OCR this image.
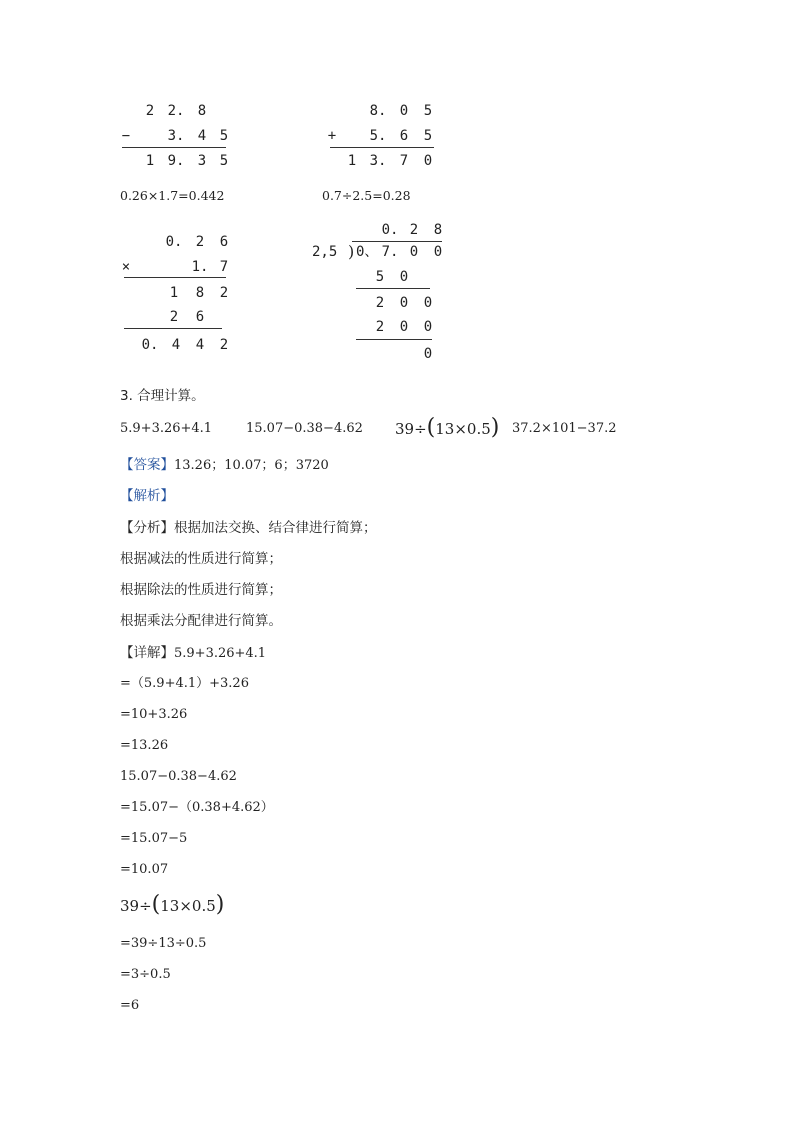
2 2. 8
−	3. 4 5
1 9. 3 5
8. 0	5
+	5. 6	5
1 3. 7	0
0.26×1.7=0.442	0.7÷2.5=0.28
0. 2	6
×	1. 7
1	8	2
2	6
0. 4	4	2
0. 2	8
2,5 ) 0、 7. 0	0
5	0
2	0	0
2	0	0
0
3. 合理计算。
5.9+3.26+4.1	15.07−0.38−4.62 39÷(13×0.5) 37.2×101−37.2
【答案】13.26；10.07；6；3720
【解析】
【分析】根据加法交换、结合律进行简算；
根据减法的性质进行简算；
根据除法的性质进行简算；
根据乘法分配律进行简算。
【详解】5.9+3.26+4.1
=（5.9+4.1）+3.26
=10+3.26
=13.26
15.07−0.38−4.62
=15.07−（0.38+4.62）
=15.07−5
=10.07
39÷(13×0.5)
=39÷13÷0.5
=3÷0.5
=6
